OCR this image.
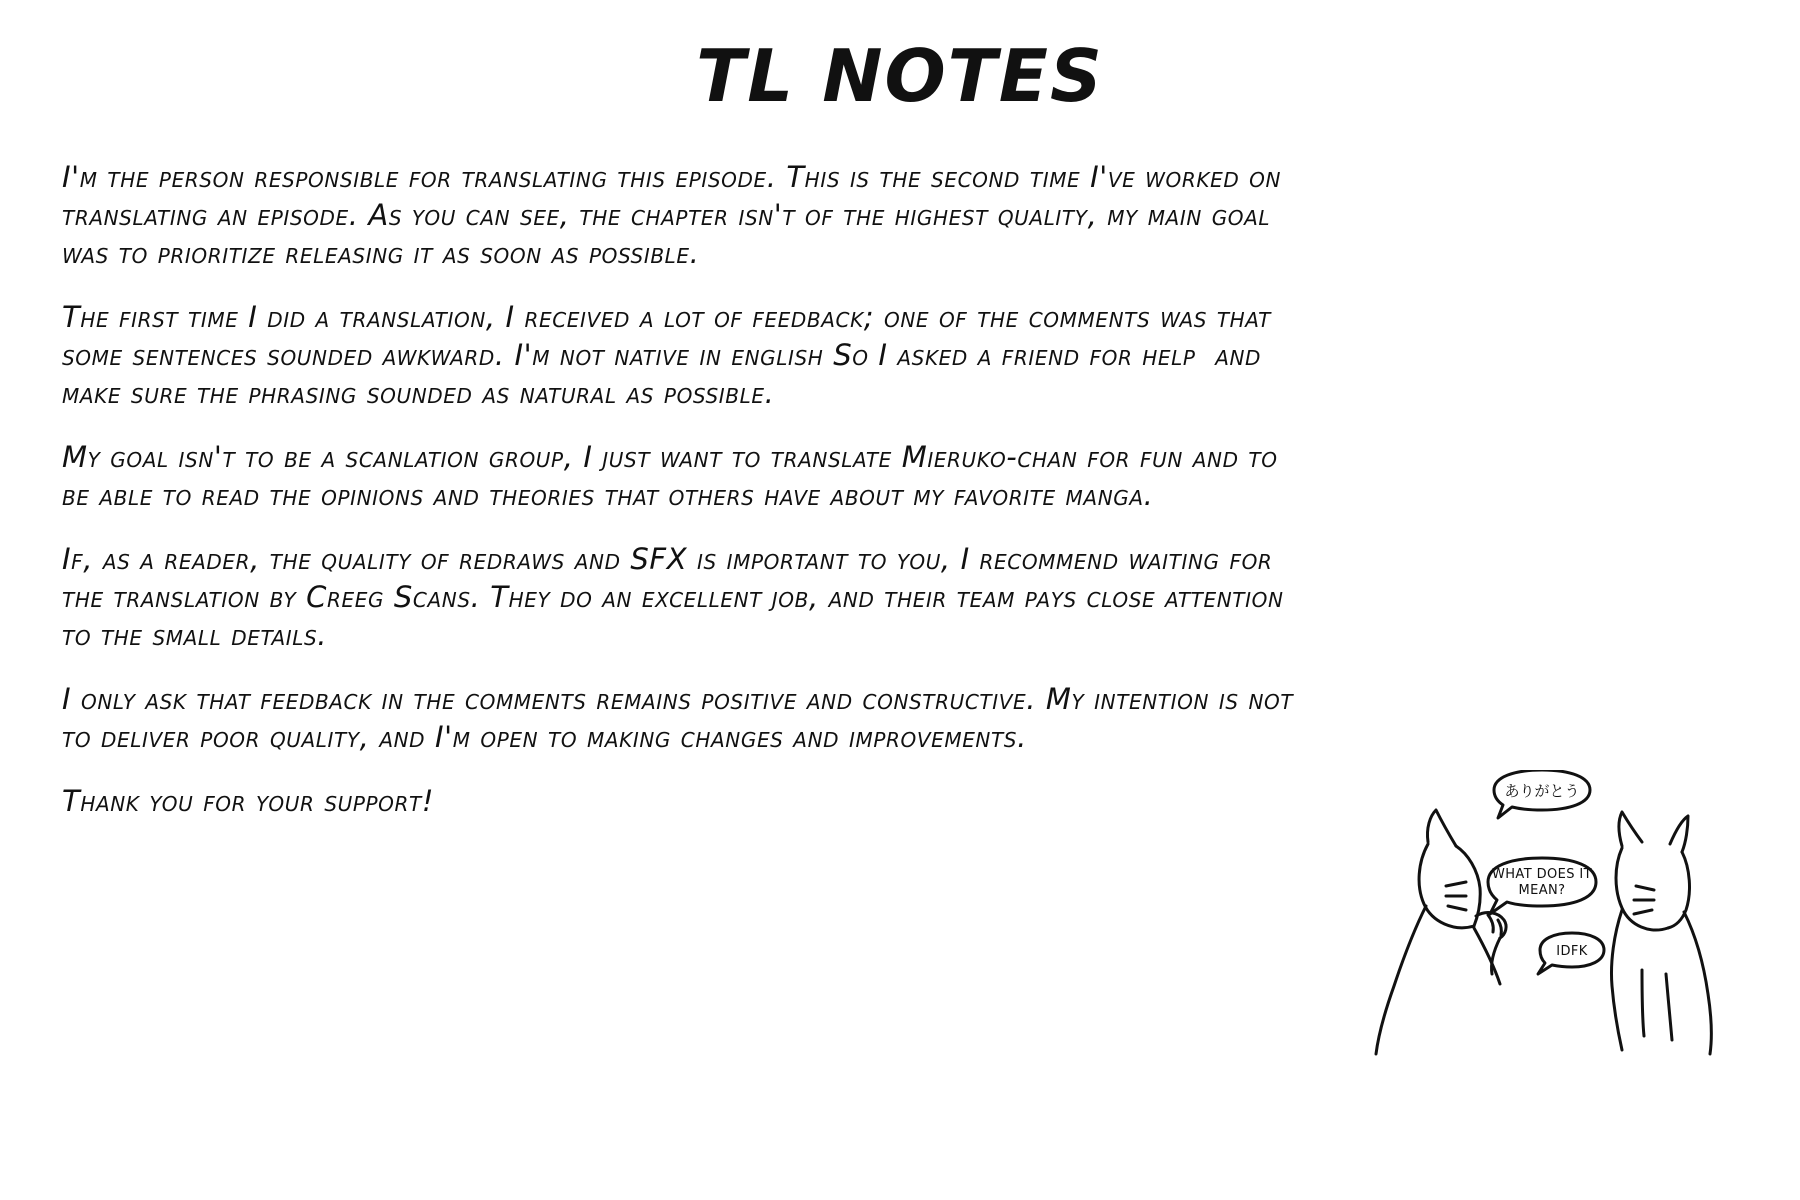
TL NOTES

I'm the person responsible for translating this episode. This is the second time I've worked on translating an episode. As you can see, the chapter isn't of the highest quality, my main goal was to prioritize releasing it as soon as possible.

The first time I did a translation, I received a lot of feedback; one of the comments was that some sentences sounded awkward. I'm not native in english So I asked a friend for help  and make sure the phrasing sounded as natural as possible.

My goal isn't to be a scanlation group, I just want to translate Mieruko-chan for fun and to be able to read the opinions and theories that others have about my favorite manga.

If, as a reader, the quality of redraws and SFX is important to you, I recommend waiting for the translation by Creeg Scans. They do an excellent job, and their team pays close attention to the small details.

I only ask that feedback in the comments remains positive and constructive. My intention is not to deliver poor quality, and I'm open to making changes and improvements.

Thank you for your support!	ありがとう
WHAT DOES IT
MEAN?
IDFK
